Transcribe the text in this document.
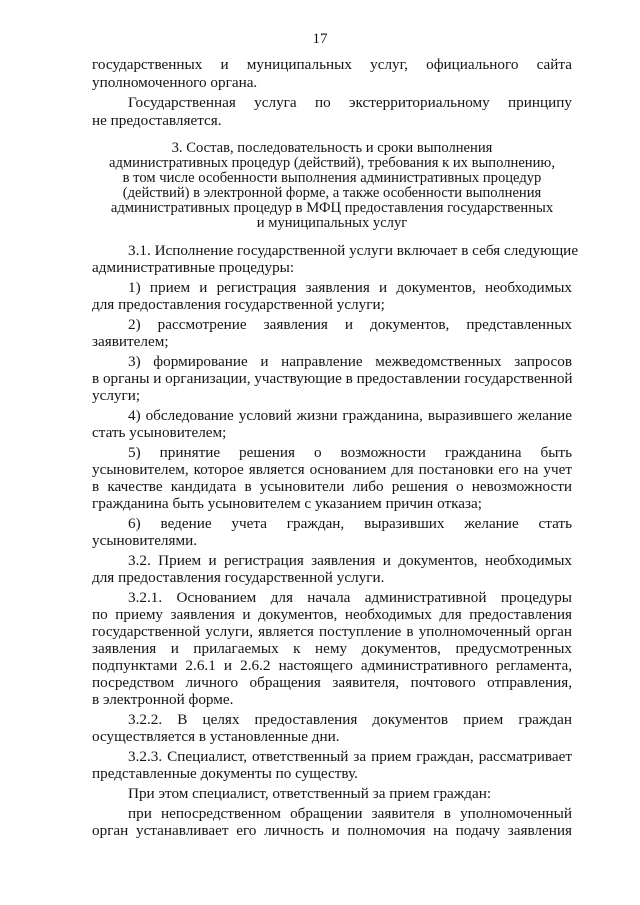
17
государственных и муниципальных услуг, официального сайта
уполномоченного органа.
Государственная услуга по экстерриториальному принципу
не предоставляется.
3. Состав, последовательность и сроки выполнения
административных процедур (действий), требования к их выполнению,
в том числе особенности выполнения административных процедур
(действий) в электронной форме, а также особенности выполнения
административных процедур в МФЦ предоставления государственных
и муниципальных услуг
3.1. Исполнение государственной услуги включает в себя следующие
административные процедуры:
1) прием и регистрация заявления и документов, необходимых
для предоставления государственной услуги;
2) рассмотрение заявления и документов, представленных
заявителем;
3) формирование и направление межведомственных запросов
в органы и организации, участвующие в предоставлении государственной
услуги;
4) обследование условий жизни гражданина, выразившего желание
стать усыновителем;
5) принятие решения о возможности гражданина быть
усыновителем, которое является основанием для постановки его на учет
в качестве кандидата в усыновители либо решения о невозможности
гражданина быть усыновителем с указанием причин отказа;
6) ведение учета граждан, выразивших желание стать
усыновителями.
3.2. Прием и регистрация заявления и документов, необходимых
для предоставления государственной услуги.
3.2.1. Основанием для начала административной процедуры
по приему заявления и документов, необходимых для предоставления
государственной услуги, является поступление в уполномоченный орган
заявления и прилагаемых к нему документов, предусмотренных
подпунктами 2.6.1 и 2.6.2 настоящего административного регламента,
посредством личного обращения заявителя, почтового отправления,
в электронной форме.
3.2.2. В целях предоставления документов прием граждан
осуществляется в установленные дни.
3.2.3. Специалист, ответственный за прием граждан, рассматривает
представленные документы по существу.
При этом специалист, ответственный за прием граждан:
при непосредственном обращении заявителя в уполномоченный
орган устанавливает его личность и полномочия на подачу заявления
